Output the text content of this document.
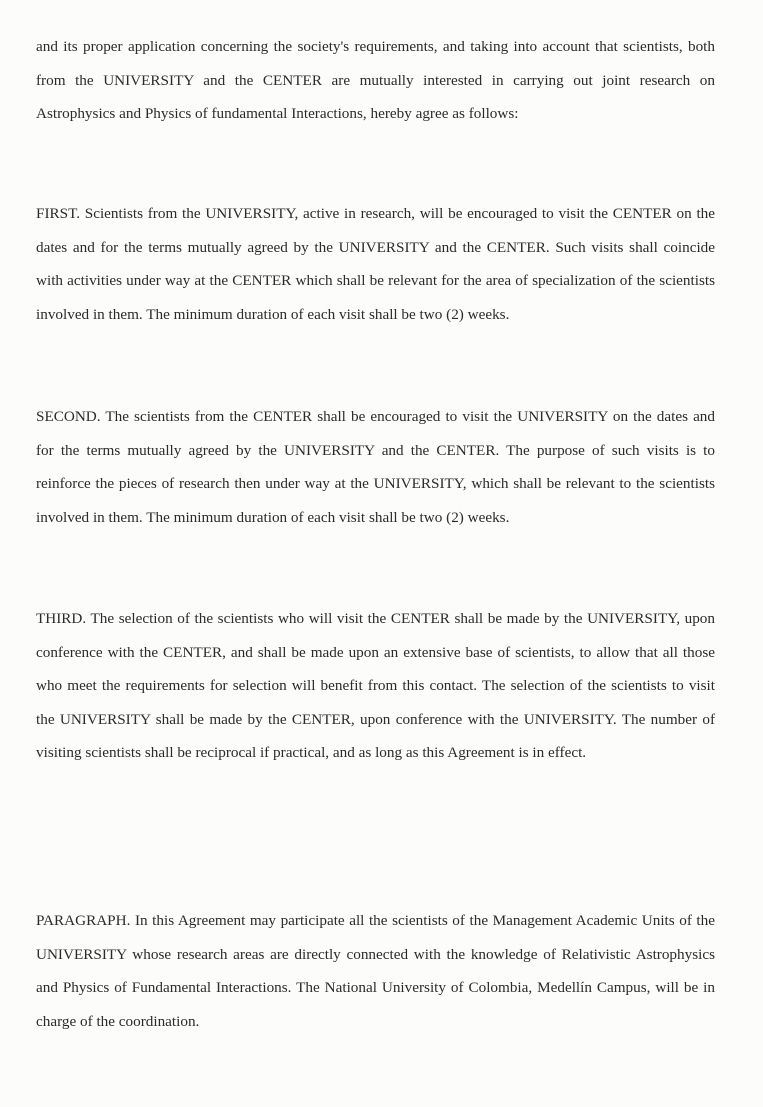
and its proper application concerning the society's requirements, and taking into account that scientists, both from the UNIVERSITY and the CENTER are mutually interested in carrying out joint research on Astrophysics and Physics of fundamental Interactions, hereby agree as follows:

FIRST. Scientists from the UNIVERSITY, active in research, will be encouraged to visit the CENTER on the dates and for the terms mutually agreed by the UNIVERSITY and the CENTER. Such visits shall coincide with activities under way at the CENTER which shall be relevant for the area of specialization of the scientists involved in them. The minimum duration of each visit shall be two (2) weeks.

SECOND. The scientists from the CENTER shall be encouraged to visit the UNIVERSITY on the dates and for the terms mutually agreed by the UNIVERSITY and the CENTER. The purpose of such visits is to reinforce the pieces of research then under way at the UNIVERSITY, which shall be relevant to the scientists involved in them. The minimum duration of each visit shall be two (2) weeks.

THIRD. The selection of the scientists who will visit the CENTER shall be made by the UNIVERSITY, upon conference with the CENTER, and shall be made upon an extensive base of scientists, to allow that all those who meet the requirements for selection will benefit from this contact. The selection of the scientists to visit the UNIVERSITY shall be made by the CENTER, upon conference with the UNIVERSITY. The number of visiting scientists shall be reciprocal if practical, and as long as this Agreement is in effect.

PARAGRAPH. In this Agreement may participate all the scientists of the Management Academic Units of the UNIVERSITY whose research areas are directly connected with the knowledge of Relativistic Astrophysics and Physics of Fundamental Interactions. The National University of Colombia, Medellín Campus, will be in charge of the coordination.
